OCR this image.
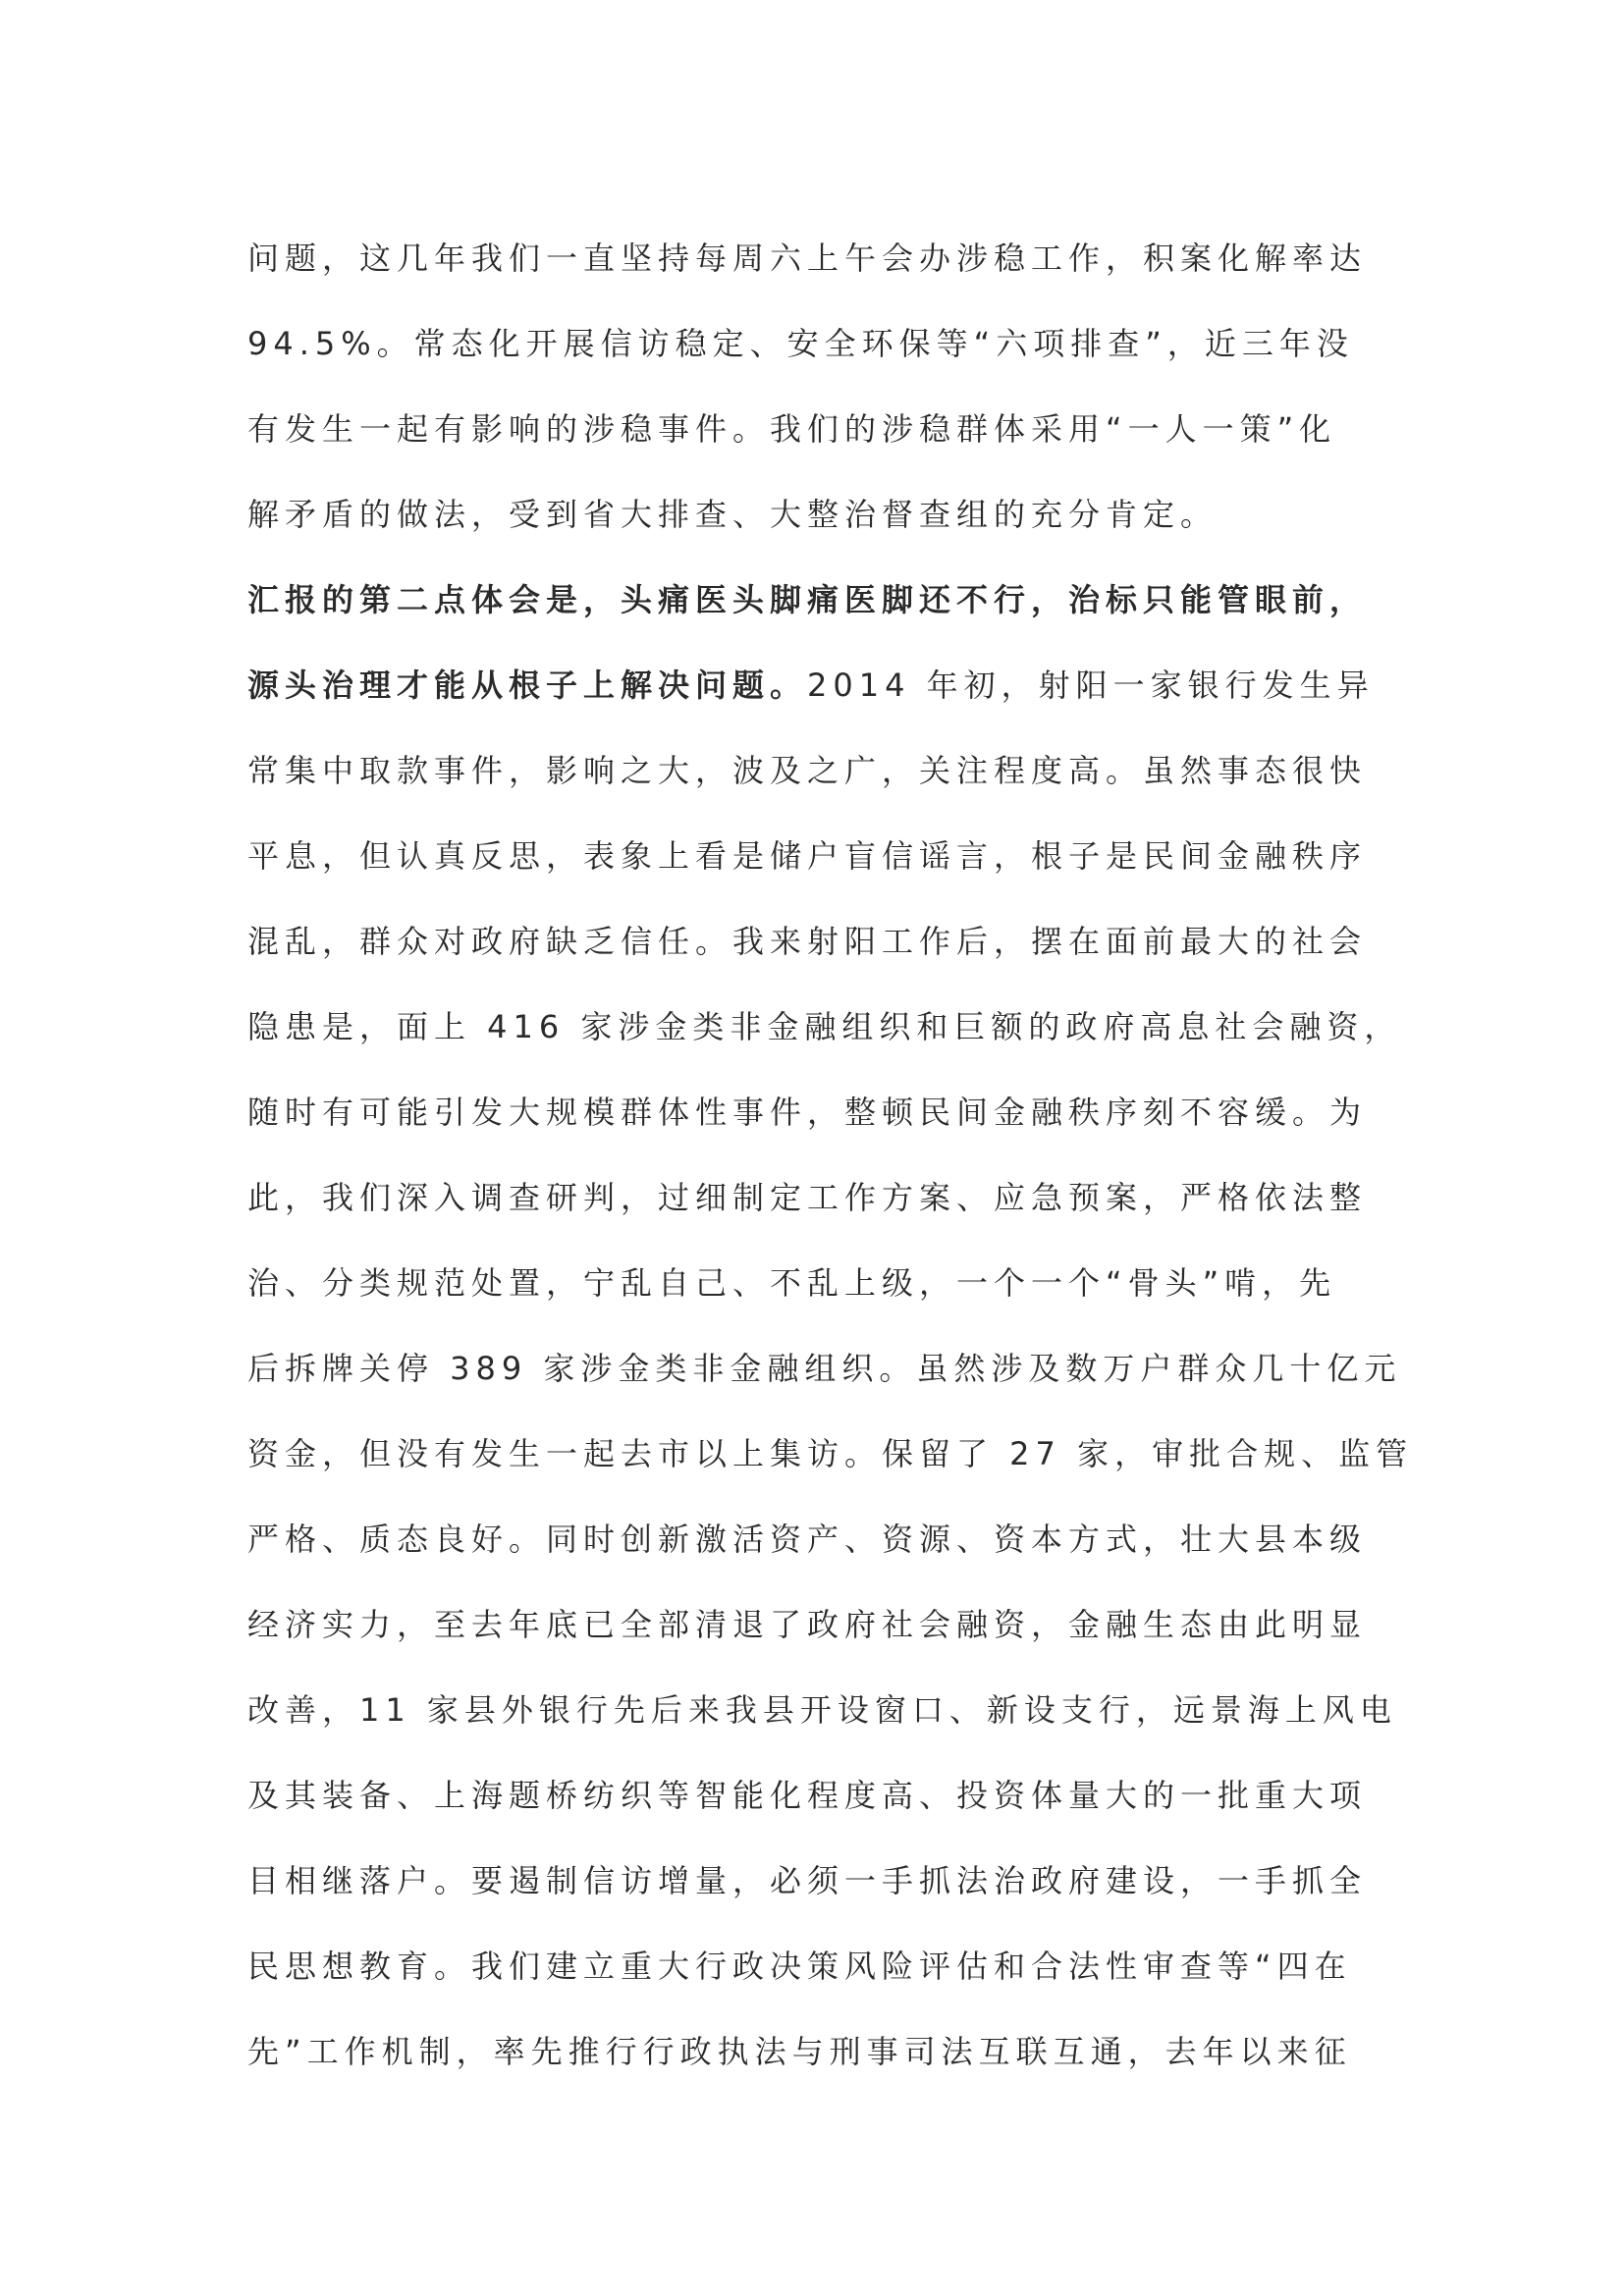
问题，这几年我们一直坚持每周六上午会办涉稳工作，积案化解率达
94.5%。常态化开展信访稳定、安全环保等“六项排查”，近三年没
有发生一起有影响的涉稳事件。我们的涉稳群体采用“一人一策”化
解矛盾的做法，受到省大排查、大整治督查组的充分肯定。
汇报的第二点体会是，头痛医头脚痛医脚还不行，治标只能管眼前，
源头治理才能从根子上解决问题。2014 年初，射阳一家银行发生异
常集中取款事件，影响之大，波及之广，关注程度高。虽然事态很快
平息，但认真反思，表象上看是储户盲信谣言，根子是民间金融秩序
混乱，群众对政府缺乏信任。我来射阳工作后，摆在面前最大的社会
隐患是，面上 416 家涉金类非金融组织和巨额的政府高息社会融资，
随时有可能引发大规模群体性事件，整顿民间金融秩序刻不容缓。为
此，我们深入调查研判，过细制定工作方案、应急预案，严格依法整
治、分类规范处置，宁乱自己、不乱上级，一个一个“骨头”啃，先
后拆牌关停 389 家涉金类非金融组织。虽然涉及数万户群众几十亿元
资金，但没有发生一起去市以上集访。保留了 27 家，审批合规、监管
严格、质态良好。同时创新激活资产、资源、资本方式，壮大县本级
经济实力，至去年底已全部清退了政府社会融资，金融生态由此明显
改善，11 家县外银行先后来我县开设窗口、新设支行，远景海上风电
及其装备、上海题桥纺织等智能化程度高、投资体量大的一批重大项
目相继落户。要遏制信访增量，必须一手抓法治政府建设，一手抓全
民思想教育。我们建立重大行政决策风险评估和合法性审查等“四在
先”工作机制，率先推行行政执法与刑事司法互联互通，去年以来征
